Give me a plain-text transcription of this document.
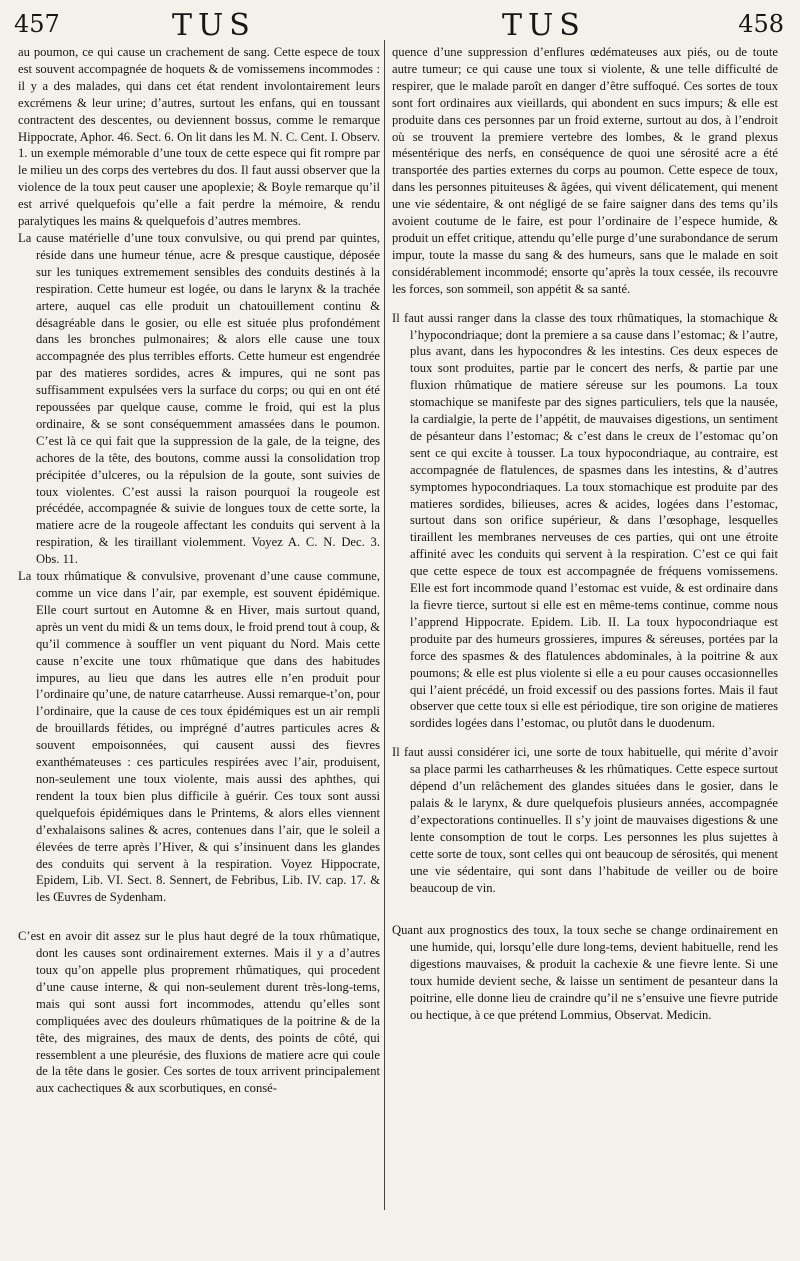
457	TUS	TUS	458

au poumon, ce qui cause un crachement de sang. Cette espece de toux est souvent accompagnée de hoquets & de vomissemens incommodes : il y a des malades, qui dans cet état rendent involontairement leurs excrémens & leur urine; d’autres, surtout les enfans, qui en toussant contractent des descentes, ou deviennent bossus, comme le remarque Hippocrate, Aphor. 46. Sect. 6. On lit dans les M. N. C. Cent. I. Observ. 1. un exemple mémorable d’une toux de cette espece qui fit rompre par le milieu un des corps des vertebres du dos. Il faut aussi observer que la violence de la toux peut causer une apoplexie; & Boyle remarque qu’il est arrivé quelquefois qu’elle a fait perdre la mémoire, & rendu paralytiques les mains & quelquefois d’autres membres.

La cause matérielle d’une toux convulsive, ou qui prend par quintes, réside dans une humeur ténue, acre & presque caustique, déposée sur les tuniques extremement sensibles des conduits destinés à la respiration. Cette humeur est logée, ou dans le larynx & la trachée artere, auquel cas elle produit un chatouillement continu & désagréable dans le gosier, ou elle est située plus profondément dans les bronches pulmonaires; & alors elle cause une toux accompagnée des plus terribles efforts. Cette humeur est engendrée par des matieres sordides, acres & impures, qui ne sont pas suffisamment expulsées vers la surface du corps; ou qui en ont été repoussées par quelque cause, comme le froid, qui est la plus ordinaire, & se sont conséquemment amassées dans le poumon. C’est là ce qui fait que la suppression de la gale, de la teigne, des achores de la tête, des boutons, comme aussi la consolidation trop précipitée d’ulceres, ou la répulsion de la goute, sont suivies de toux violentes. C’est aussi la raison pourquoi la rougeole est précédée, accompagnée & suivie de longues toux de cette sorte, la matiere acre de la rougeole affectant les conduits qui servent à la respiration, & les tiraillant violemment. Voyez A. C. N. Dec. 3. Obs. 11.

La toux rhûmatique & convulsive, provenant d’une cause commune, comme un vice dans l’air, par exemple, est souvent épidémique. Elle court surtout en Automne & en Hiver, mais surtout quand, après un vent du midi & un tems doux, le froid prend tout à coup, & qu’il commence à souffler un vent piquant du Nord. Mais cette cause n’excite une toux rhûmatique que dans des habitudes impures, au lieu que dans les autres elle n’en produit pour l’ordinaire qu’une, de nature catarrheuse. Aussi remarque-t’on, pour l’ordinaire, que la cause de ces toux épidémiques est un air rempli de brouillards fétides, ou imprégné d’autres particules acres & souvent empoisonnées, qui causent aussi des fievres exanthémateuses : ces particules respirées avec l’air, produisent, non-seulement une toux violente, mais aussi des aphthes, qui rendent la toux bien plus difficile à guérir. Ces toux sont aussi quelquefois épidémiques dans le Printems, & alors elles viennent d’exhalaisons salines & acres, contenues dans l’air, que le soleil a élevées de terre après l’Hiver, & qui s’insinuent dans les glandes des conduits qui servent à la respiration. Voyez Hippocrate, Epidem, Lib. VI. Sect. 8. Sennert, de Febribus, Lib. IV. cap. 17. & les Œuvres de Sydenham.

C’est en avoir dit assez sur le plus haut degré de la toux rhûmatique, dont les causes sont ordinairement externes. Mais il y a d’autres toux qu’on appelle plus proprement rhûmatiques, qui procedent d’une cause interne, & qui non-seulement durent très-long-tems, mais qui sont aussi fort incommodes, attendu qu’elles sont compliquées avec des douleurs rhûmatiques de la poitrine & de la tête, des migraines, des maux de dents, des points de côté, qui ressemblent a une pleurésie, des fluxions de matiere acre qui coule de la tête dans le gosier. Ces sortes de toux arrivent principalement aux cachectiques & aux scorbutiques, en consé-

quence d’une suppression d’enflures œdémateuses aux piés, ou de toute autre tumeur; ce qui cause une toux si violente, & une telle difficulté de respirer, que le malade paroît en danger d’être suffoqué. Ces sortes de toux sont fort ordinaires aux vieillards, qui abondent en sucs impurs; & elle est produite dans ces personnes par un froid externe, surtout au dos, à l’endroit où se trouvent la premiere vertebre des lombes, & le grand plexus mésentérique des nerfs, en conséquence de quoi une sérosité acre a été transportée des parties externes du corps au poumon. Cette espece de toux, dans les personnes pituiteuses & âgées, qui vivent délicatement, qui menent une vie sédentaire, & ont négligé de se faire saigner dans des tems qu’ils avoient coutume de le faire, est pour l’ordinaire de l’espece humide, & produit un effet critique, attendu qu’elle purge d’une surabondance de serum impur, toute la masse du sang & des humeurs, sans que le malade en soit considérablement incommodé; ensorte qu’après la toux cessée, ils recouvre les forces, son sommeil, son appétit & sa santé.

Il faut aussi ranger dans la classe des toux rhûmatiques, la stomachique & l’hypocondriaque; dont la premiere a sa cause dans l’estomac; & l’autre, plus avant, dans les hypocondres & les intestins. Ces deux especes de toux sont produites, partie par le concert des nerfs, & partie par une fluxion rhûmatique de matiere séreuse sur les poumons. La toux stomachique se manifeste par des signes particuliers, tels que la nausée, la cardialgie, la perte de l’appétit, de mauvaises digestions, un sentiment de pésanteur dans l’estomac; & c’est dans le creux de l’estomac qu’on sent ce qui excite à tousser. La toux hypocondriaque, au contraire, est accompagnée de flatulences, de spasmes dans les intestins, & d’autres symptomes hypocondriaques. La toux stomachique est produite par des matieres sordides, bilieuses, acres & acides, logées dans l’estomac, surtout dans son orifice supérieur, & dans l’œsophage, lesquelles tiraillent les membranes nerveuses de ces parties, qui ont une étroite affinité avec les conduits qui servent à la respiration. C’est ce qui fait que cette espece de toux est accompagnée de fréquens vomissemens. Elle est fort incommode quand l’estomac est vuide, & est ordinaire dans la fievre tierce, surtout si elle est en même-tems continue, comme nous l’apprend Hippocrate. Epidem. Lib. II. La toux hypocondriaque est produite par des humeurs grossieres, impures & séreuses, portées par la force des spasmes & des flatulences abdominales, à la poitrine & aux poumons; & elle est plus violente si elle a eu pour causes occasionnelles qui l’aient précédé, un froid excessif ou des passions fortes. Mais il faut observer que cette toux si elle est périodique, tire son origine de matieres sordides logées dans l’estomac, ou plutôt dans le duodenum.

Il faut aussi considérer ici, une sorte de toux habituelle, qui mérite d’avoir sa place parmi les catharrheuses & les rhûmatiques. Cette espece surtout dépend d’un relâchement des glandes situées dans le gosier, dans le palais & le larynx, & dure quelquefois plusieurs années, accompagnée d’expectorations continuelles. Il s’y joint de mauvaises digestions & une lente consomption de tout le corps. Les personnes les plus sujettes à cette sorte de toux, sont celles qui ont beaucoup de sérosités, qui menent une vie sédentaire, qui sont dans l’habitude de veiller ou de boire beaucoup de vin.

Quant aux prognostics des toux, la toux seche se change ordinairement en une humide, qui, lorsqu’elle dure long-tems, devient habituelle, rend les digestions mauvaises, & produit la cachexie & une fievre lente. Si une toux humide devient seche, & laisse un sentiment de pesanteur dans la poitrine, elle donne lieu de craindre qu’il ne s’ensuive une fievre putride ou hectique, à ce que prétend Lommius, Observat. Medicin.
